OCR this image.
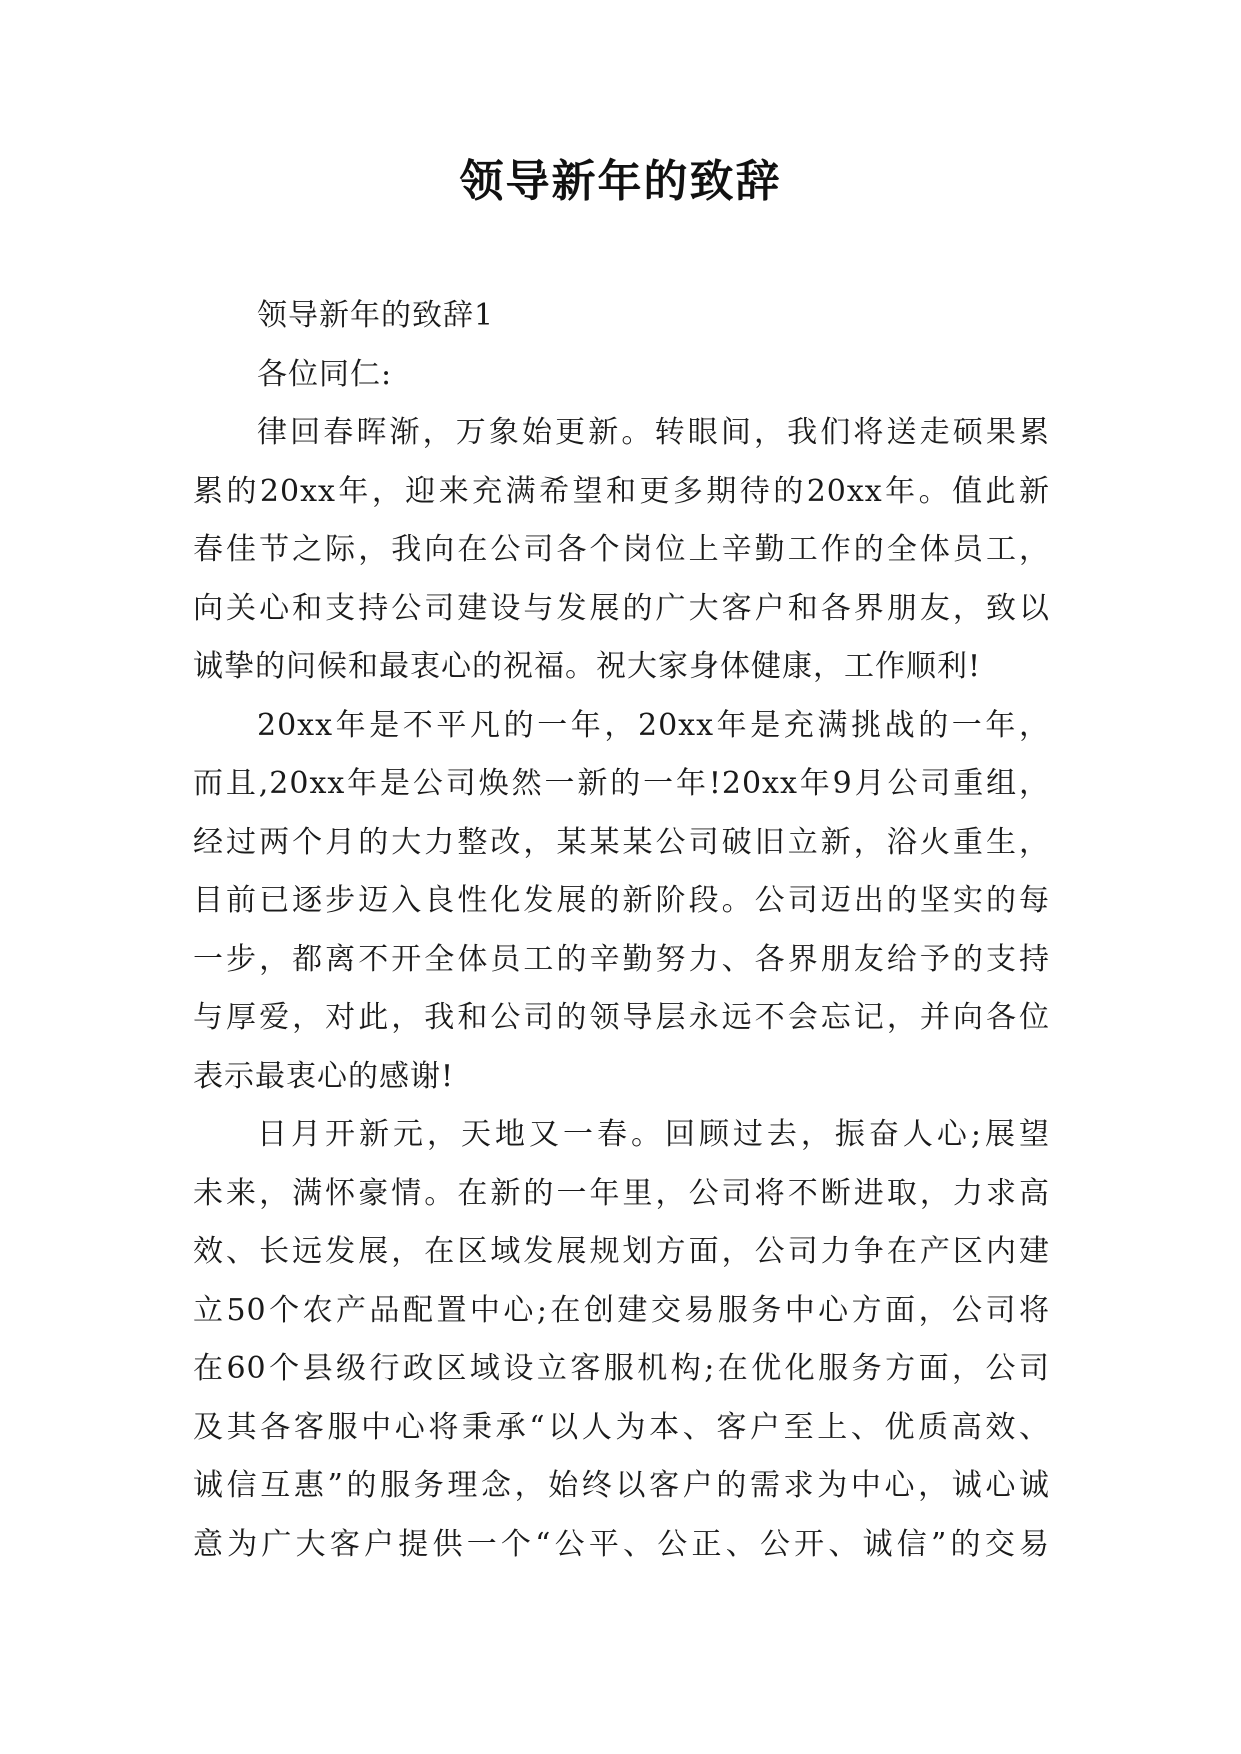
领导新年的致辞
领导新年的致辞1
各位同仁:
律回春晖渐，万象始更新。转眼间，我们将送走硕果累
累的20xx年，迎来充满希望和更多期待的20xx年。值此新
春佳节之际，我向在公司各个岗位上辛勤工作的全体员工，
向关心和支持公司建设与发展的广大客户和各界朋友，致以
诚挚的问候和最衷心的祝福。祝大家身体健康，工作顺利!
20xx年是不平凡的一年，20xx年是充满挑战的一年，
而且,20xx年是公司焕然一新的一年!20xx年9月公司重组，
经过两个月的大力整改，某某某公司破旧立新，浴火重生，
目前已逐步迈入良性化发展的新阶段。公司迈出的坚实的每
一步，都离不开全体员工的辛勤努力、各界朋友给予的支持
与厚爱，对此，我和公司的领导层永远不会忘记，并向各位
表示最衷心的感谢!
日月开新元，天地又一春。回顾过去，振奋人心;展望
未来，满怀豪情。在新的一年里，公司将不断进取，力求高
效、长远发展，在区域发展规划方面，公司力争在产区内建
立50个农产品配置中心;在创建交易服务中心方面，公司将
在60个县级行政区域设立客服机构;在优化服务方面，公司
及其各客服中心将秉承“以人为本、客户至上、优质高效、
诚信互惠”的服务理念，始终以客户的需求为中心，诚心诚
意为广大客户提供一个“公平、公正、公开、诚信”的交易
